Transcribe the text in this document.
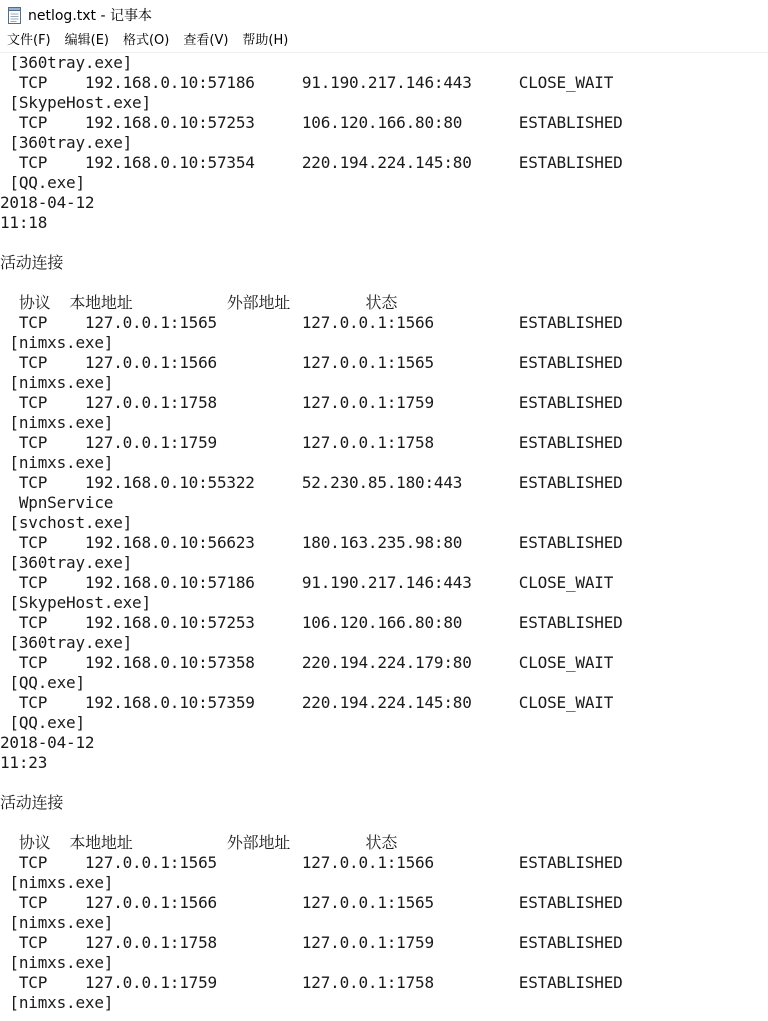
netlog.txt - 记事本
文件(F)	编辑(E)	格式(O)	查看(V)	帮助(H)
[360tray.exe]
TCP    192.168.0.10:57186     91.190.217.146:443     CLOSE_WAIT
[SkypeHost.exe]
TCP    192.168.0.10:57253     106.120.166.80:80      ESTABLISHED
[360tray.exe]
TCP    192.168.0.10:57354     220.194.224.145:80     ESTABLISHED
[QQ.exe]
2018-04-12
11:18

活动连接

协议  本地地址          外部地址        状态
TCP    127.0.0.1:1565         127.0.0.1:1566         ESTABLISHED
[nimxs.exe]
TCP    127.0.0.1:1566         127.0.0.1:1565         ESTABLISHED
[nimxs.exe]
TCP    127.0.0.1:1758         127.0.0.1:1759         ESTABLISHED
[nimxs.exe]
TCP    127.0.0.1:1759         127.0.0.1:1758         ESTABLISHED
[nimxs.exe]
TCP    192.168.0.10:55322     52.230.85.180:443      ESTABLISHED
WpnService
[svchost.exe]
TCP    192.168.0.10:56623     180.163.235.98:80      ESTABLISHED
[360tray.exe]
TCP    192.168.0.10:57186     91.190.217.146:443     CLOSE_WAIT
[SkypeHost.exe]
TCP    192.168.0.10:57253     106.120.166.80:80      ESTABLISHED
[360tray.exe]
TCP    192.168.0.10:57358     220.194.224.179:80     CLOSE_WAIT
[QQ.exe]
TCP    192.168.0.10:57359     220.194.224.145:80     CLOSE_WAIT
[QQ.exe]
2018-04-12
11:23

活动连接

协议  本地地址          外部地址        状态
TCP    127.0.0.1:1565         127.0.0.1:1566         ESTABLISHED
[nimxs.exe]
TCP    127.0.0.1:1566         127.0.0.1:1565         ESTABLISHED
[nimxs.exe]
TCP    127.0.0.1:1758         127.0.0.1:1759         ESTABLISHED
[nimxs.exe]
TCP    127.0.0.1:1759         127.0.0.1:1758         ESTABLISHED
[nimxs.exe]
